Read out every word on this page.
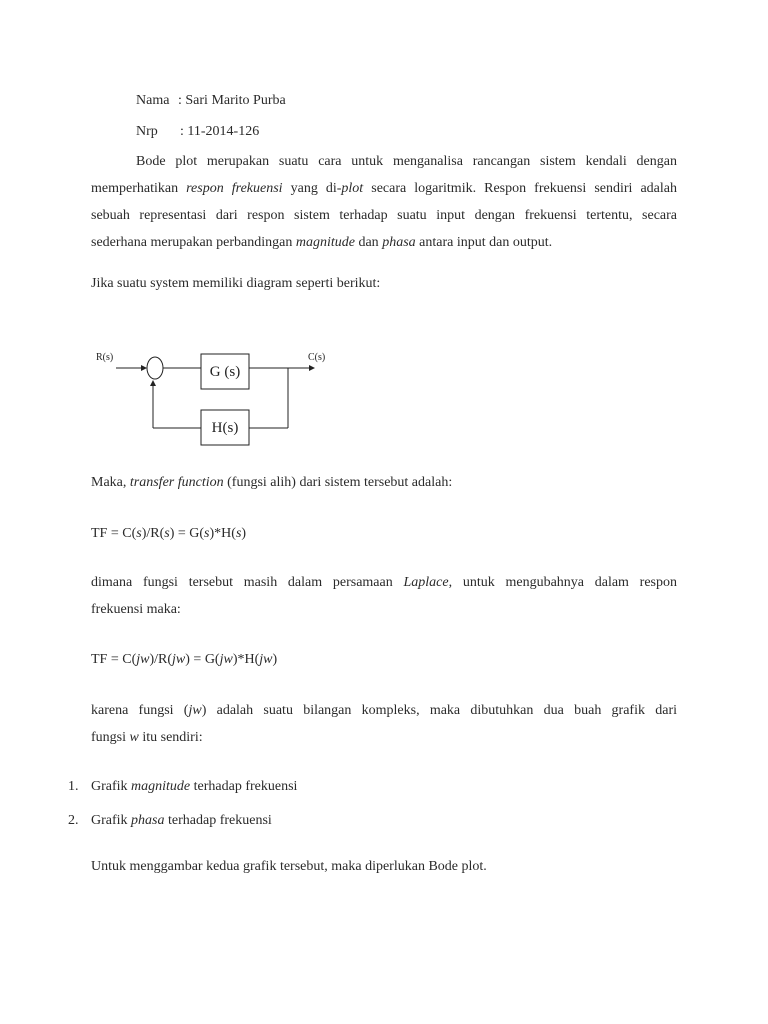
Nama : Sari Marito Purba
Nrp : 11-2014-126
Bode plot merupakan suatu cara untuk menganalisa rancangan sistem kendali dengan
memperhatikan respon frekuensi yang di-plot secara logaritmik. Respon frekuensi sendiri adalah
sebuah representasi dari respon sistem terhadap suatu input dengan frekuensi tertentu, secara
sederhana merupakan perbandingan magnitude dan phasa antara input dan output.
Jika suatu system memiliki diagram seperti berikut:
R(s)
G (s)
C(s)
H(s)
Maka, transfer function (fungsi alih) dari sistem tersebut adalah:
TF = C(s)/R(s) = G(s)*H(s)
dimana fungsi tersebut masih dalam persamaan Laplace, untuk mengubahnya dalam respon
frekuensi maka:
TF = C(jw)/R(jw) = G(jw)*H(jw)
karena fungsi (jw) adalah suatu bilangan kompleks, maka dibutuhkan dua buah grafik dari
fungsi w itu sendiri:
1. Grafik magnitude terhadap frekuensi
2. Grafik phasa terhadap frekuensi
Untuk menggambar kedua grafik tersebut, maka diperlukan Bode plot.
